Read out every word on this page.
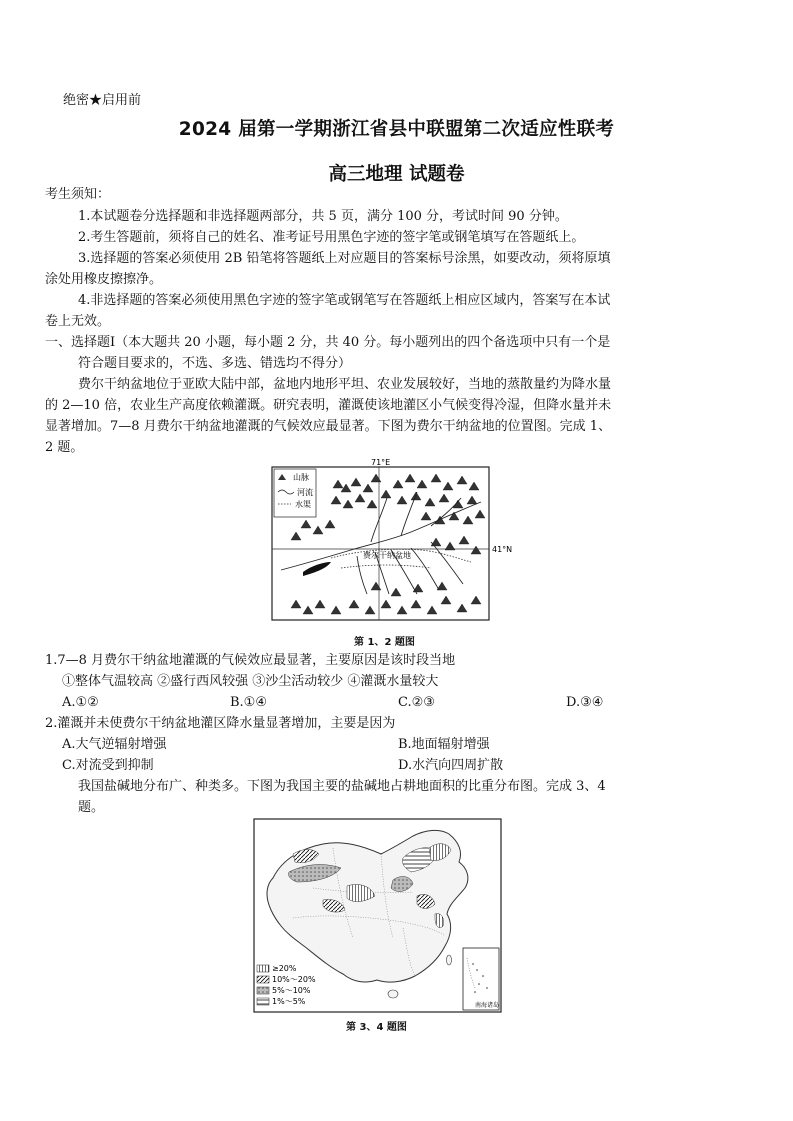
绝密★启用前
2024 届第一学期浙江省县中联盟第二次适应性联考
高三地理 试题卷
考生须知：
1.本试题卷分选择题和非选择题两部分，共 5 页，满分 100 分，考试时间 90 分钟。
2.考生答题前，须将自己的姓名、准考证号用黑色字迹的签字笔或钢笔填写在答题纸上。
3.选择题的答案必须使用 2B 铅笔将答题纸上对应题目的答案标号涂黑，如要改动，须将原填
涂处用橡皮擦擦净。
4.非选择题的答案必须使用黑色字迹的签字笔或钢笔写在答题纸上相应区域内，答案写在本试
卷上无效。
一、选择题Ⅰ（本大题共 20 小题，每小题 2 分，共 40 分。每小题列出的四个备选项中只有一个是
符合题目要求的，不选、多选、错选均不得分）
费尔干纳盆地位于亚欧大陆中部，盆地内地形平坦、农业发展较好，当地的蒸散量约为降水量
的 2—10 倍，农业生产高度依赖灌溉。研究表明，灌溉使该地灌区小气候变得冷湿，但降水量并未
显著增加。7—8 月费尔干纳盆地灌溉的气候效应最显著。下图为费尔干纳盆地的位置图。完成 1、
2 题。
山脉
河流
水渠
71°E
41°N
费尔干纳盆地
第 1、2 题图
1.7—8 月费尔干纳盆地灌溉的气候效应最显著，主要原因是该时段当地
①整体气温较高 ②盛行西风较强 ③沙尘活动较少 ④灌溉水量较大
A.①②	B.①④	C.②③	D.③④
2.灌溉并未使费尔干纳盆地灌区降水量显著增加，主要是因为
A.大气逆辐射增强	B.地面辐射增强
C.对流受到抑制	D.水汽向四周扩散
我国盐碱地分布广、种类多。下图为我国主要的盐碱地占耕地面积的比重分布图。完成 3、4
题。
≥20%
10%～20%
5%～10%
1%～5%	南海诸岛
第 3、4 题图
